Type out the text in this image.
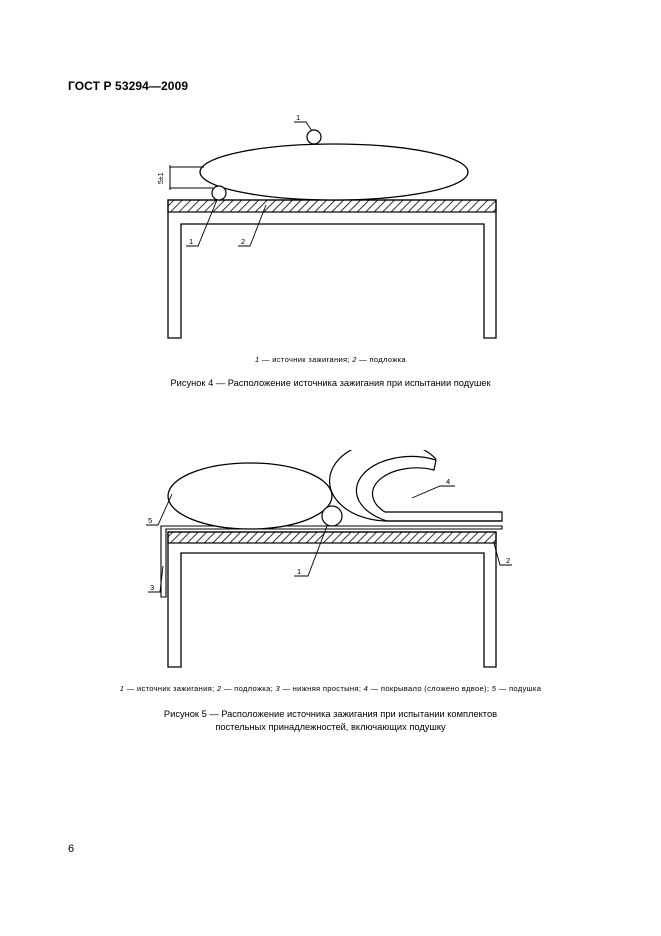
ГОСТ Р 53294—2009
5±1
1
1	2
1 — источник зажигания; 2 — подложка
Рисунок 4 — Расположение источника зажигания при испытании подушек
5
4
3
1
2
1 — источник зажигания; 2 — подложка; 3 — нижняя простыня; 4 — покрывало (сложено вдвое); 5 — подушка
Рисунок 5 — Расположение источника зажигания при испытании комплектов
постельных принадлежностей, включающих подушку
6
